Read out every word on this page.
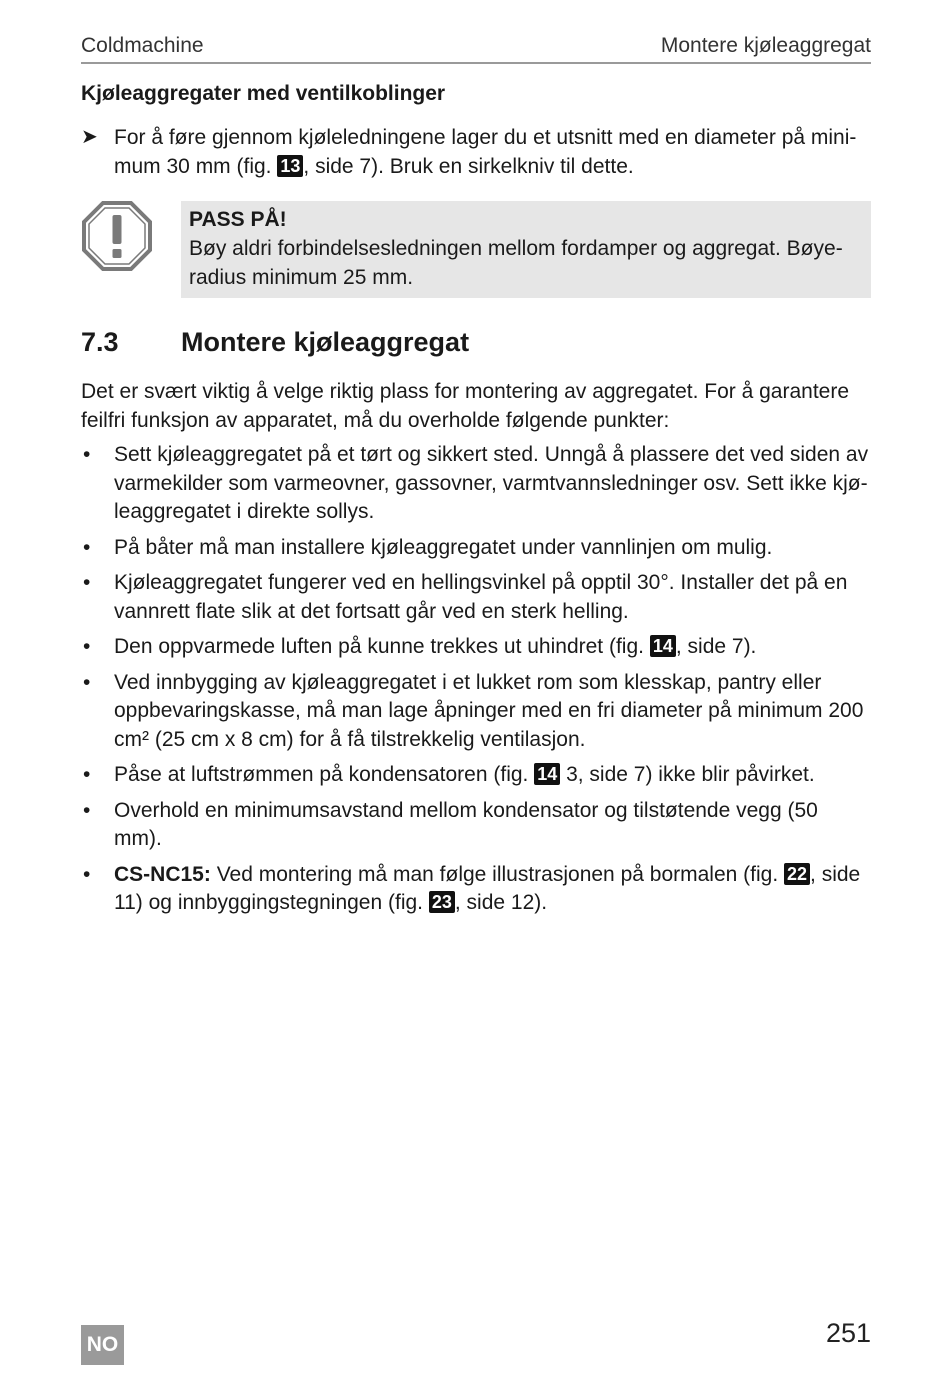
Coldmachine	Montere kjøleaggregat
Kjøleaggregater med ventilkoblinger
➤ For å føre gjennom kjøleledningene lager du et utsnitt med en diameter på minimum 30 mm (fig. 13 , side 7). Bruk en sirkelkniv til dette.
PASS PÅ!
Bøy aldri forbindelsesledningen mellom fordamper og aggregat. Bøyeradius minimum 25 mm.
7.3 Montere kjøleaggregat
Det er svært viktig å velge riktig plass for montering av aggregatet. For å garantere feilfri funksjon av apparatet, må du overholde følgende punkter:
• Sett kjøleaggregatet på et tørt og sikkert sted. Unngå å plassere det ved siden av varmekilder som varmeovner, gassovner, varmtvannsledninger osv. Sett ikke kjøleaggregatet i direkte sollys.
• På båter må man installere kjøleaggregatet under vannlinjen om mulig.
• Kjøleaggregatet fungerer ved en hellingsvinkel på opptil 30°. Installer det på en vannrett flate slik at det fortsatt går ved en sterk helling.
• Den oppvarmede luften på kunne trekkes ut uhindret (fig. 14 , side 7).
• Ved innbygging av kjøleaggregatet i et lukket rom som klesskap, pantry eller oppbevaringskasse, må man lage åpninger med en fri diameter på minimum 200 cm² (25 cm x 8 cm) for å få tilstrekkelig ventilasjon.
• Påse at luftstrømmen på kondensatoren (fig. 14 3, side 7) ikke blir påvirket.
• Overhold en minimumsavstand mellom kondensator og tilstøtende vegg (50 mm).
• CS-NC15: Ved montering må man følge illustrasjonen på bormalen (fig. 22 , side 11) og innbyggingstegningen (fig. 23 , side 12).
NO	251
